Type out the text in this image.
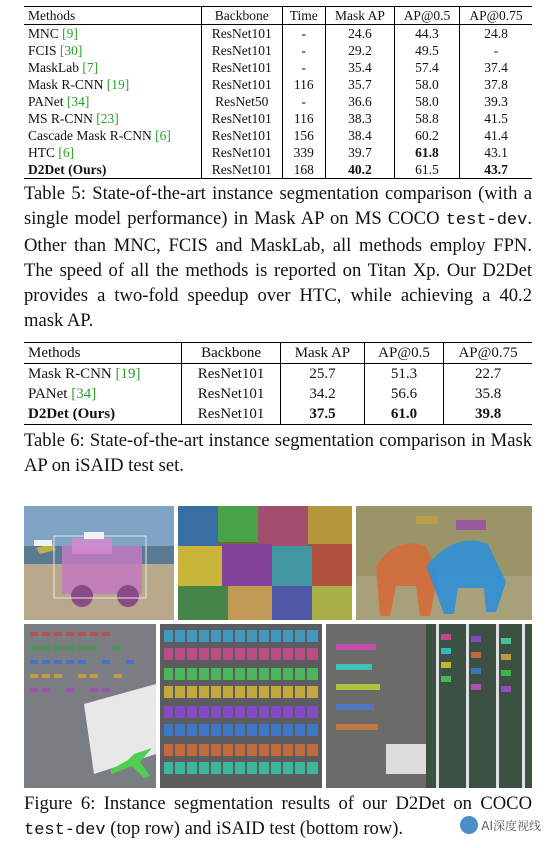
Methods	Backbone	Time	Mask AP	AP@0.5	AP@0.75
MNC [9]	ResNet101	-	24.6	44.3	24.8
FCIS [30]	ResNet101	-	29.2	49.5	-
MaskLab [7]	ResNet101	-	35.4	57.4	37.4
Mask R-CNN [19]	ResNet101	116	35.7	58.0	37.8
PANet [34]	ResNet50	-	36.6	58.0	39.3
MS R-CNN [23]	ResNet101	116	38.3	58.8	41.5
Cascade Mask R-CNN [6]	ResNet101	156	38.4	60.2	41.4
HTC [6]	ResNet101	339	39.7	61.8	43.1
D2Det (Ours)	ResNet101	168	40.2	61.5	43.7

Table 5: State-of-the-art instance segmentation comparison (with a single model performance) in Mask AP on MS COCO test-dev. Other than MNC, FCIS and MaskLab, all methods employ FPN. The speed of all the methods is reported on Titan Xp. Our D2Det provides a two-fold speedup over HTC, while achieving a 40.2 mask AP.

Methods	Backbone	Mask AP	AP@0.5	AP@0.75
Mask R-CNN [19]	ResNet101	25.7	51.3	22.7
PANet [34]	ResNet101	34.2	56.6	35.8
D2Det (Ours)	ResNet101	37.5	61.0	39.8

Table 6: State-of-the-art instance segmentation comparison in Mask AP on iSAID test set.

Figure 6: Instance segmentation results of our D2Det on COCO test-dev (top row) and iSAID test (bottom row).	AI深度视线
